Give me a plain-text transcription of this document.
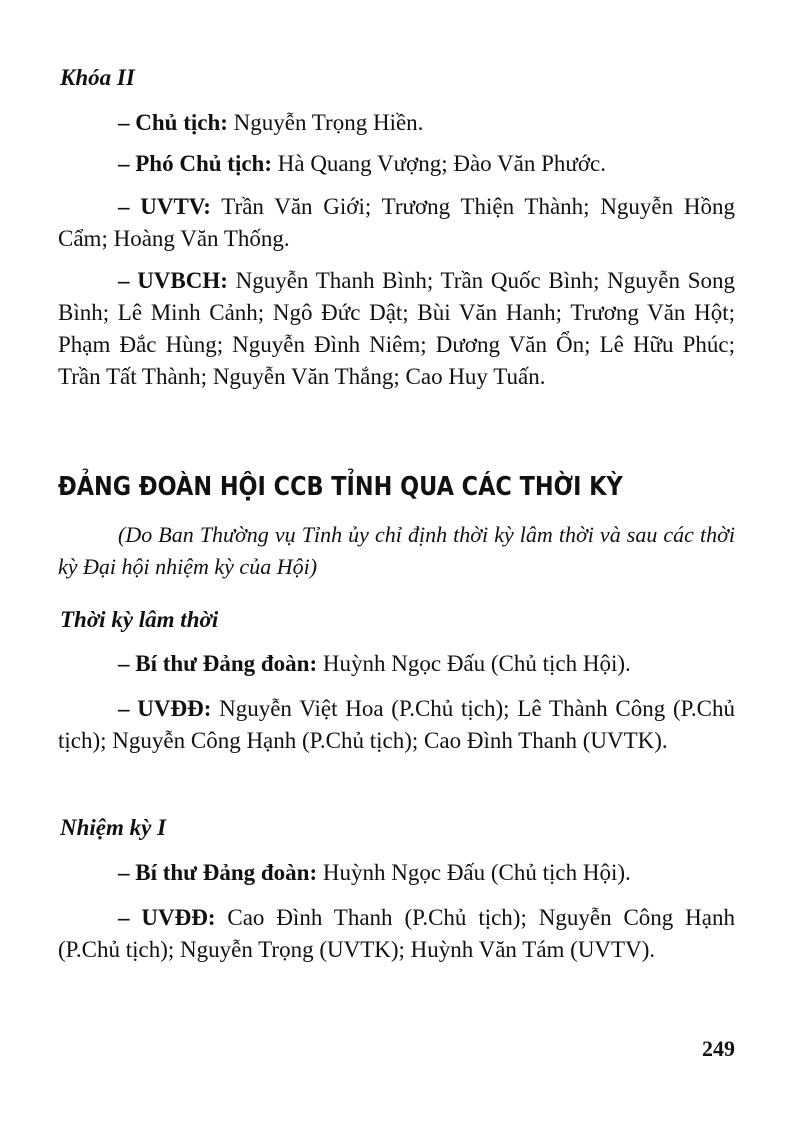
Khóa II

– Chủ tịch: Nguyễn Trọng Hiền.

– Phó Chủ tịch: Hà Quang Vượng; Đào Văn Phước.

– UVTV: Trần Văn Giới; Trương Thiện Thành; Nguyễn Hồng Cẩm; Hoàng Văn Thống.

– UVBCH: Nguyễn Thanh Bình; Trần Quốc Bình; Nguyễn Song Bình; Lê Minh Cảnh; Ngô Đức Dật; Bùi Văn Hanh; Trương Văn Hột; Phạm Đắc Hùng; Nguyễn Đình Niêm; Dương Văn Ổn; Lê Hữu Phúc; Trần Tất Thành; Nguyễn Văn Thắng; Cao Huy Tuấn.

ĐẢNG ĐOÀN HỘI CCB TỈNH QUA CÁC THỜI KỲ

(Do Ban Thường vụ Tỉnh ủy chỉ định thời kỳ lâm thời và sau các thời kỳ Đại hội nhiệm kỳ của Hội)

Thời kỳ lâm thời

– Bí thư Đảng đoàn: Huỳnh Ngọc Đấu (Chủ tịch Hội).

– UVĐĐ: Nguyễn Việt Hoa (P.Chủ tịch); Lê Thành Công (P.Chủ tịch); Nguyễn Công Hạnh (P.Chủ tịch); Cao Đình Thanh (UVTK).

Nhiệm kỳ I

– Bí thư Đảng đoàn: Huỳnh Ngọc Đấu (Chủ tịch Hội).

– UVĐĐ: Cao Đình Thanh (P.Chủ tịch); Nguyễn Công Hạnh (P.Chủ tịch); Nguyễn Trọng (UVTK); Huỳnh Văn Tám (UVTV).

249
